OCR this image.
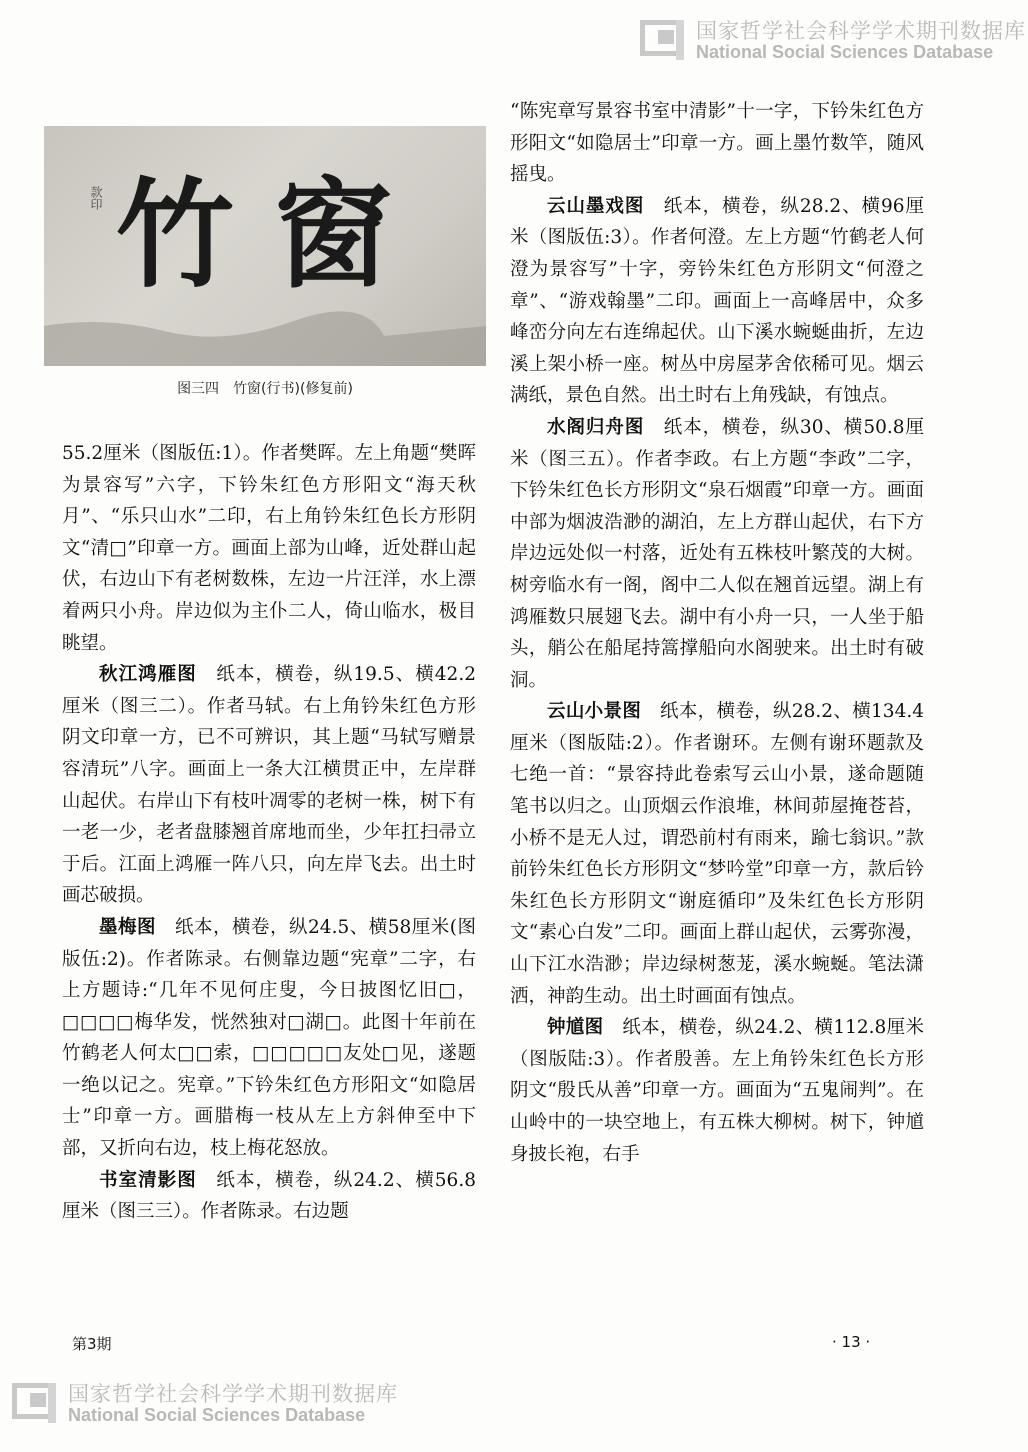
国家哲学社会科学学术期刊数据库
National Social Sciences Database
款印 竹窗
图三四　竹窗(行书)(修复前)

55.2厘米（图版伍:1）。作者樊晖。左上角题“樊晖为景容写”六字，下钤朱红色方形阳文“海天秋月”、“乐只山水”二印，右上角钤朱红色长方形阴文“清□”印章一方。画面上部为山峰，近处群山起伏，右边山下有老树数株，左边一片汪洋，水上漂着两只小舟。岸边似为主仆二人，倚山临水，极目眺望。

秋江鸿雁图　纸本，横卷，纵19.5、横42.2厘米（图三二）。作者马轼。右上角钤朱红色方形阴文印章一方，已不可辨识，其上题“马轼写赠景容清玩”八字。画面上一条大江横贯正中，左岸群山起伏。右岸山下有枝叶凋零的老树一株，树下有一老一少，老者盘膝翘首席地而坐，少年扛扫帚立于后。江面上鸿雁一阵八只，向左岸飞去。出土时画芯破损。

墨梅图　纸本，横卷，纵24.5、横58厘米(图版伍:2)。作者陈录。右侧靠边题“宪章”二字，右上方题诗:“几年不见何庄叟，今日披图忆旧□，□□□□梅华发，恍然独对□湖□。此图十年前在竹鹤老人何太□□索，□□□□□友处□见，遂题一绝以记之。宪章。”下钤朱红色方形阳文“如隐居士”印章一方。画腊梅一枝从左上方斜伸至中下部，又折向右边，枝上梅花怒放。

书室清影图　纸本，横卷，纵24.2、横56.8厘米（图三三）。作者陈录。右边题

“陈宪章写景容书室中清影”十一字，下钤朱红色方形阳文“如隐居士”印章一方。画上墨竹数竿，随风摇曳。

云山墨戏图　纸本，横卷，纵28.2、横96厘米（图版伍:3）。作者何澄。左上方题“竹鹤老人何澄为景容写”十字，旁钤朱红色方形阴文“何澄之章”、“游戏翰墨”二印。画面上一高峰居中，众多峰峦分向左右连绵起伏。山下溪水蜿蜒曲折，左边溪上架小桥一座。树丛中房屋茅舍依稀可见。烟云满纸，景色自然。出土时右上角残缺，有蚀点。

水阁归舟图　纸本，横卷，纵30、横50.8厘米（图三五）。作者李政。右上方题“李政”二字，下钤朱红色长方形阴文“泉石烟霞”印章一方。画面中部为烟波浩渺的湖泊，左上方群山起伏，右下方岸边远处似一村落，近处有五株枝叶繁茂的大树。树旁临水有一阁，阁中二人似在翘首远望。湖上有鸿雁数只展翅飞去。湖中有小舟一只，一人坐于船头，艄公在船尾持篙撑船向水阁驶来。出土时有破洞。

云山小景图　纸本，横卷，纵28.2、横134.4厘米（图版陆:2）。作者谢环。左侧有谢环题款及七绝一首：“景容持此卷索写云山小景，遂命题随笔书以归之。山顶烟云作浪堆，林间茆屋掩苍苔，小桥不是无人过，谓恐前村有雨来，踰七翁识。”款前钤朱红色长方形阴文“梦吟堂”印章一方，款后钤朱红色长方形阴文“谢庭循印”及朱红色长方形阴文“素心白发”二印。画面上群山起伏，云雾弥漫，山下江水浩渺；岸边绿树葱茏，溪水蜿蜒。笔法潇洒，神韵生动。出土时画面有蚀点。

钟馗图　纸本，横卷，纵24.2、横112.8厘米（图版陆:3）。作者殷善。左上角钤朱红色长方形阴文“殷氏从善”印章一方。画面为“五鬼闹判”。在山岭中的一块空地上，有五株大柳树。树下，钟馗身披长袍，右手

第3期	· 13 ·
国家哲学社会科学学术期刊数据库
National Social Sciences Database
